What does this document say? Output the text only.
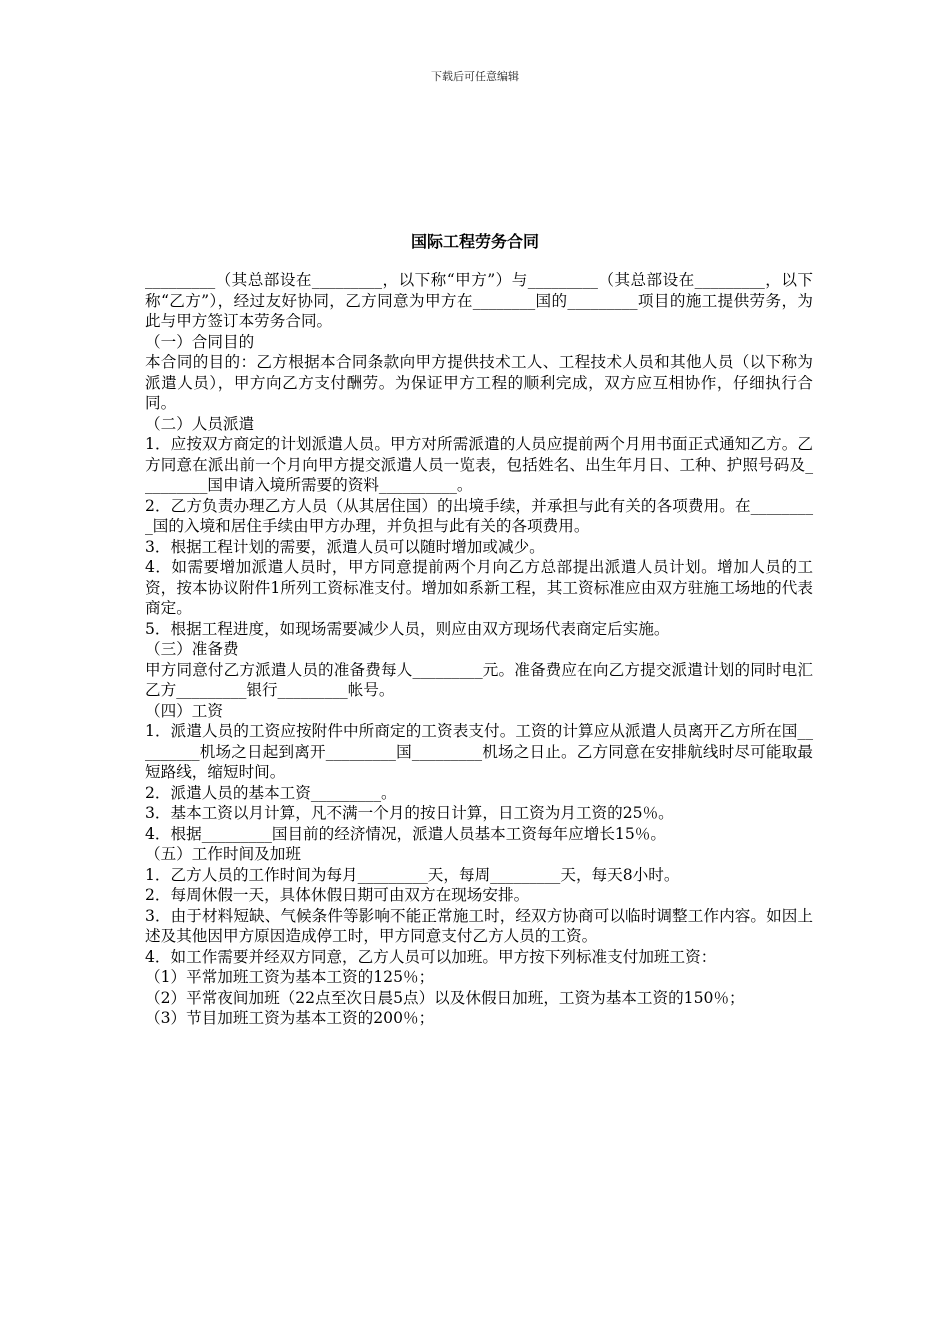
下载后可任意编辑
国际工程劳务合同

_________（其总部设在_________，以下称“甲方”）与_________（其总部设在_________，以下称“乙方”），经过友好协同，乙方同意为甲方在________国的_________项目的施工提供劳务，为此与甲方签订本劳务合同。

（一）合同目的

本合同的目的：乙方根据本合同条款向甲方提供技术工人、工程技术人员和其他人员（以下称为派遣人员），甲方向乙方支付酬劳。为保证甲方工程的顺利完成，双方应互相协作，仔细执行合同。

（二）人员派遣

1．应按双方商定的计划派遣人员。甲方对所需派遣的人员应提前两个月用书面正式通知乙方。乙方同意在派出前一个月向甲方提交派遣人员一览表，包括姓名、出生年月日、工种、护照号码及_________国申请入境所需要的资料__________。

2．乙方负责办理乙方人员（从其居住国）的出境手续，并承担与此有关的各项费用。在_________国的入境和居住手续由甲方办理，并负担与此有关的各项费用。

3．根据工程计划的需要，派遣人员可以随时增加或减少。

4．如需要增加派遣人员时，甲方同意提前两个月向乙方总部提出派遣人员计划。增加人员的工资，按本协议附件1所列工资标准支付。增加如系新工程，其工资标准应由双方驻施工场地的代表商定。

5．根据工程进度，如现场需要减少人员，则应由双方现场代表商定后实施。

（三）准备费

甲方同意付乙方派遣人员的准备费每人_________元。准备费应在向乙方提交派遣计划的同时电汇乙方_________银行_________帐号。

（四）工资

1．派遣人员的工资应按附件中所商定的工资表支付。工资的计算应从派遣人员离开乙方所在国_________机场之日起到离开_________国_________机场之日止。乙方同意在安排航线时尽可能取最短路线，缩短时间。

2．派遣人员的基本工资_________。

3．基本工资以月计算，凡不满一个月的按日计算，日工资为月工资的25％。

4．根据_________国目前的经济情况，派遣人员基本工资每年应增长15％。

（五）工作时间及加班

1．乙方人员的工作时间为每月_________天，每周_________天，每天8小时。

2．每周休假一天，具体休假日期可由双方在现场安排。

3．由于材料短缺、气候条件等影响不能正常施工时，经双方协商可以临时调整工作内容。如因上述及其他因甲方原因造成停工时，甲方同意支付乙方人员的工资。

4．如工作需要并经双方同意，乙方人员可以加班。甲方按下列标准支付加班工资：

（1）平常加班工资为基本工资的125％；

（2）平常夜间加班（22点至次日晨5点）以及休假日加班，工资为基本工资的150％；

（3）节目加班工资为基本工资的200％；
